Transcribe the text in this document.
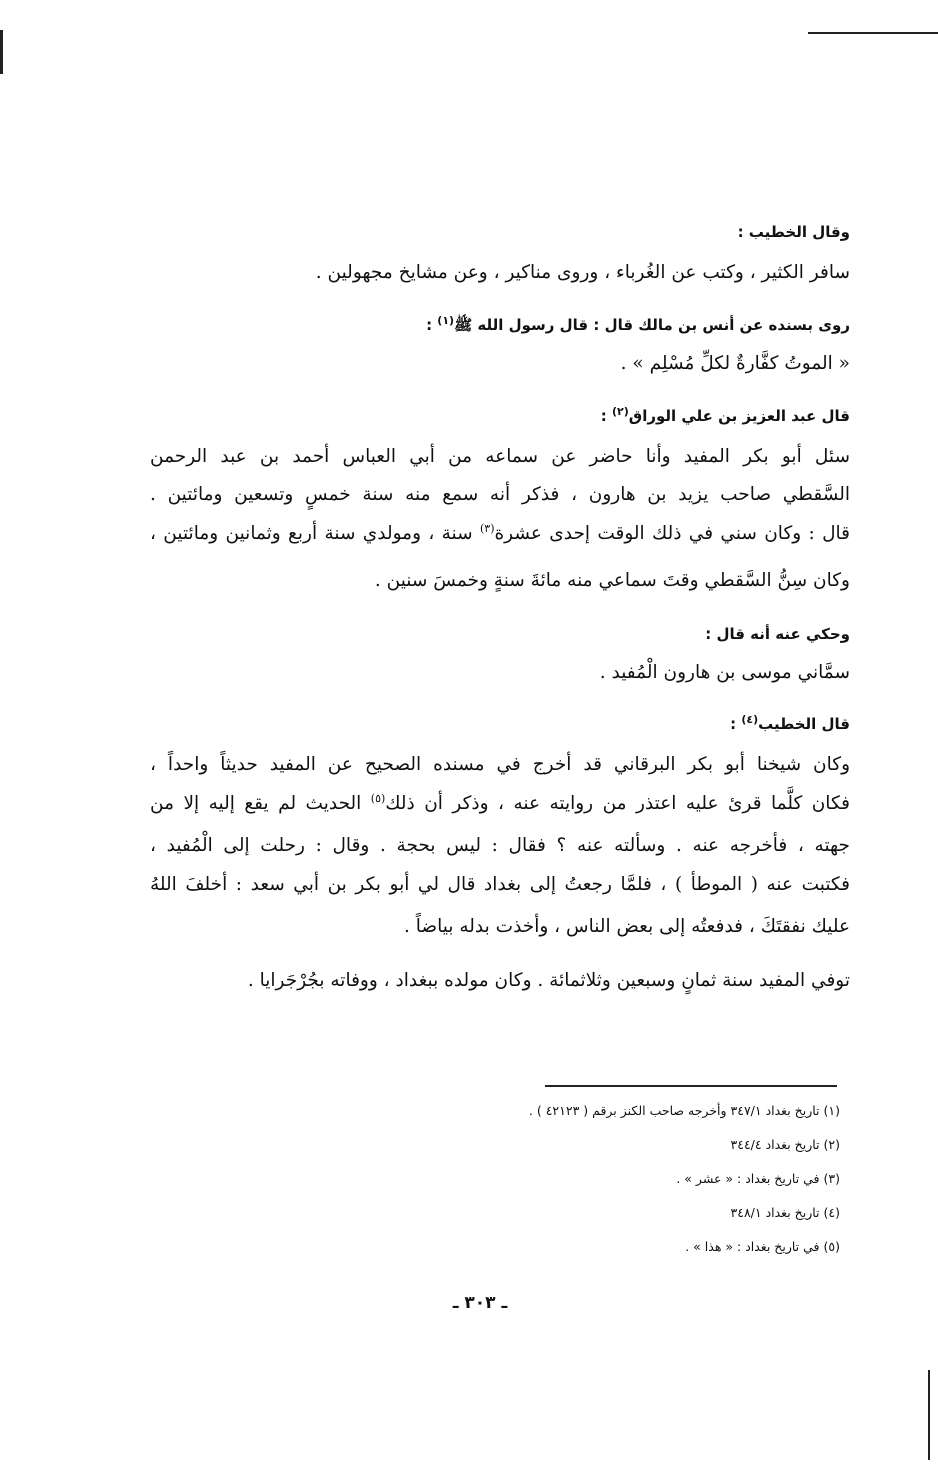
وقال الخطيب :
سافر الكثير ، وكتب عن الغُرباء ، وروى مناكير ، وعن مشايخ مجهولين .
روى بسنده عن أنس بن مالك قال : قال رسول الله ﷺ$^{(١)}$ :
« الموتُ كفَّارةٌ لكلِّ مُسْلِم » .
قال عبد العزيز بن علي الوراق$^{(٢)}$ :
سئل أبو بكر المفيد وأنا حاضر عن سماعه من أبي العباس أحمد بن عبد الرحمن
السَّقطي صاحب يزيد بن هارون ، فذكر أنه سمع منه سنة خمسٍ وتسعين ومائتين .
قال : وكان سني في ذلك الوقت إحدى عشرة$^{(٣)}$ سنة ، ومولدي سنة أربع وثمانين ومائتين ،
وكان سِنُّ السَّقطي وقتَ سماعي منه مائةَ سنةٍ وخمسَ سنين .
وحكي عنه أنه قال :
سمَّاني موسى بن هارون الْمُفيد .
قال الخطيب$^{(٤)}$ :
وكان شيخنا أبو بكر البرقاني قد أخرج في مسنده الصحيح عن المفيد حديثاً واحداً ،
فكان كلَّما قرئ عليه اعتذر من روايته عنه ، وذكر أن ذلك$^{(٥)}$ الحديث لم يقع إليه إلا من
جهته ، فأخرجه عنه . وسألته عنه ؟ فقال : ليس بحجة . وقال : رحلت إلى الْمُفيد ،
فكتبت عنه ( الموطأ ) ، فلمَّا رجعتُ إلى بغداد قال لي أبو بكر بن أبي سعد : أخلفَ اللهُ
عليك نفقتَكَ ، فدفعتُه إلى بعض الناس ، وأخذت بدله بياضاً .
توفي المفيد سنة ثمانٍ وسبعين وثلاثمائة . وكان مولده ببغداد ، ووفاته بجُرْجَرايا .
(١) تاريخ بغداد ٣٤٧/١ وأخرجه صاحب الكنز برقم ( ٤٢١٢٣ ) .
(٢) تاريخ بغداد ٣٤٤/٤
(٣) في تاريخ بغداد : « عشر » .
(٤) تاريخ بغداد ٣٤٨/١
(٥) في تاريخ بغداد : « هذا » .
ـ ٣٠٣ ـ
